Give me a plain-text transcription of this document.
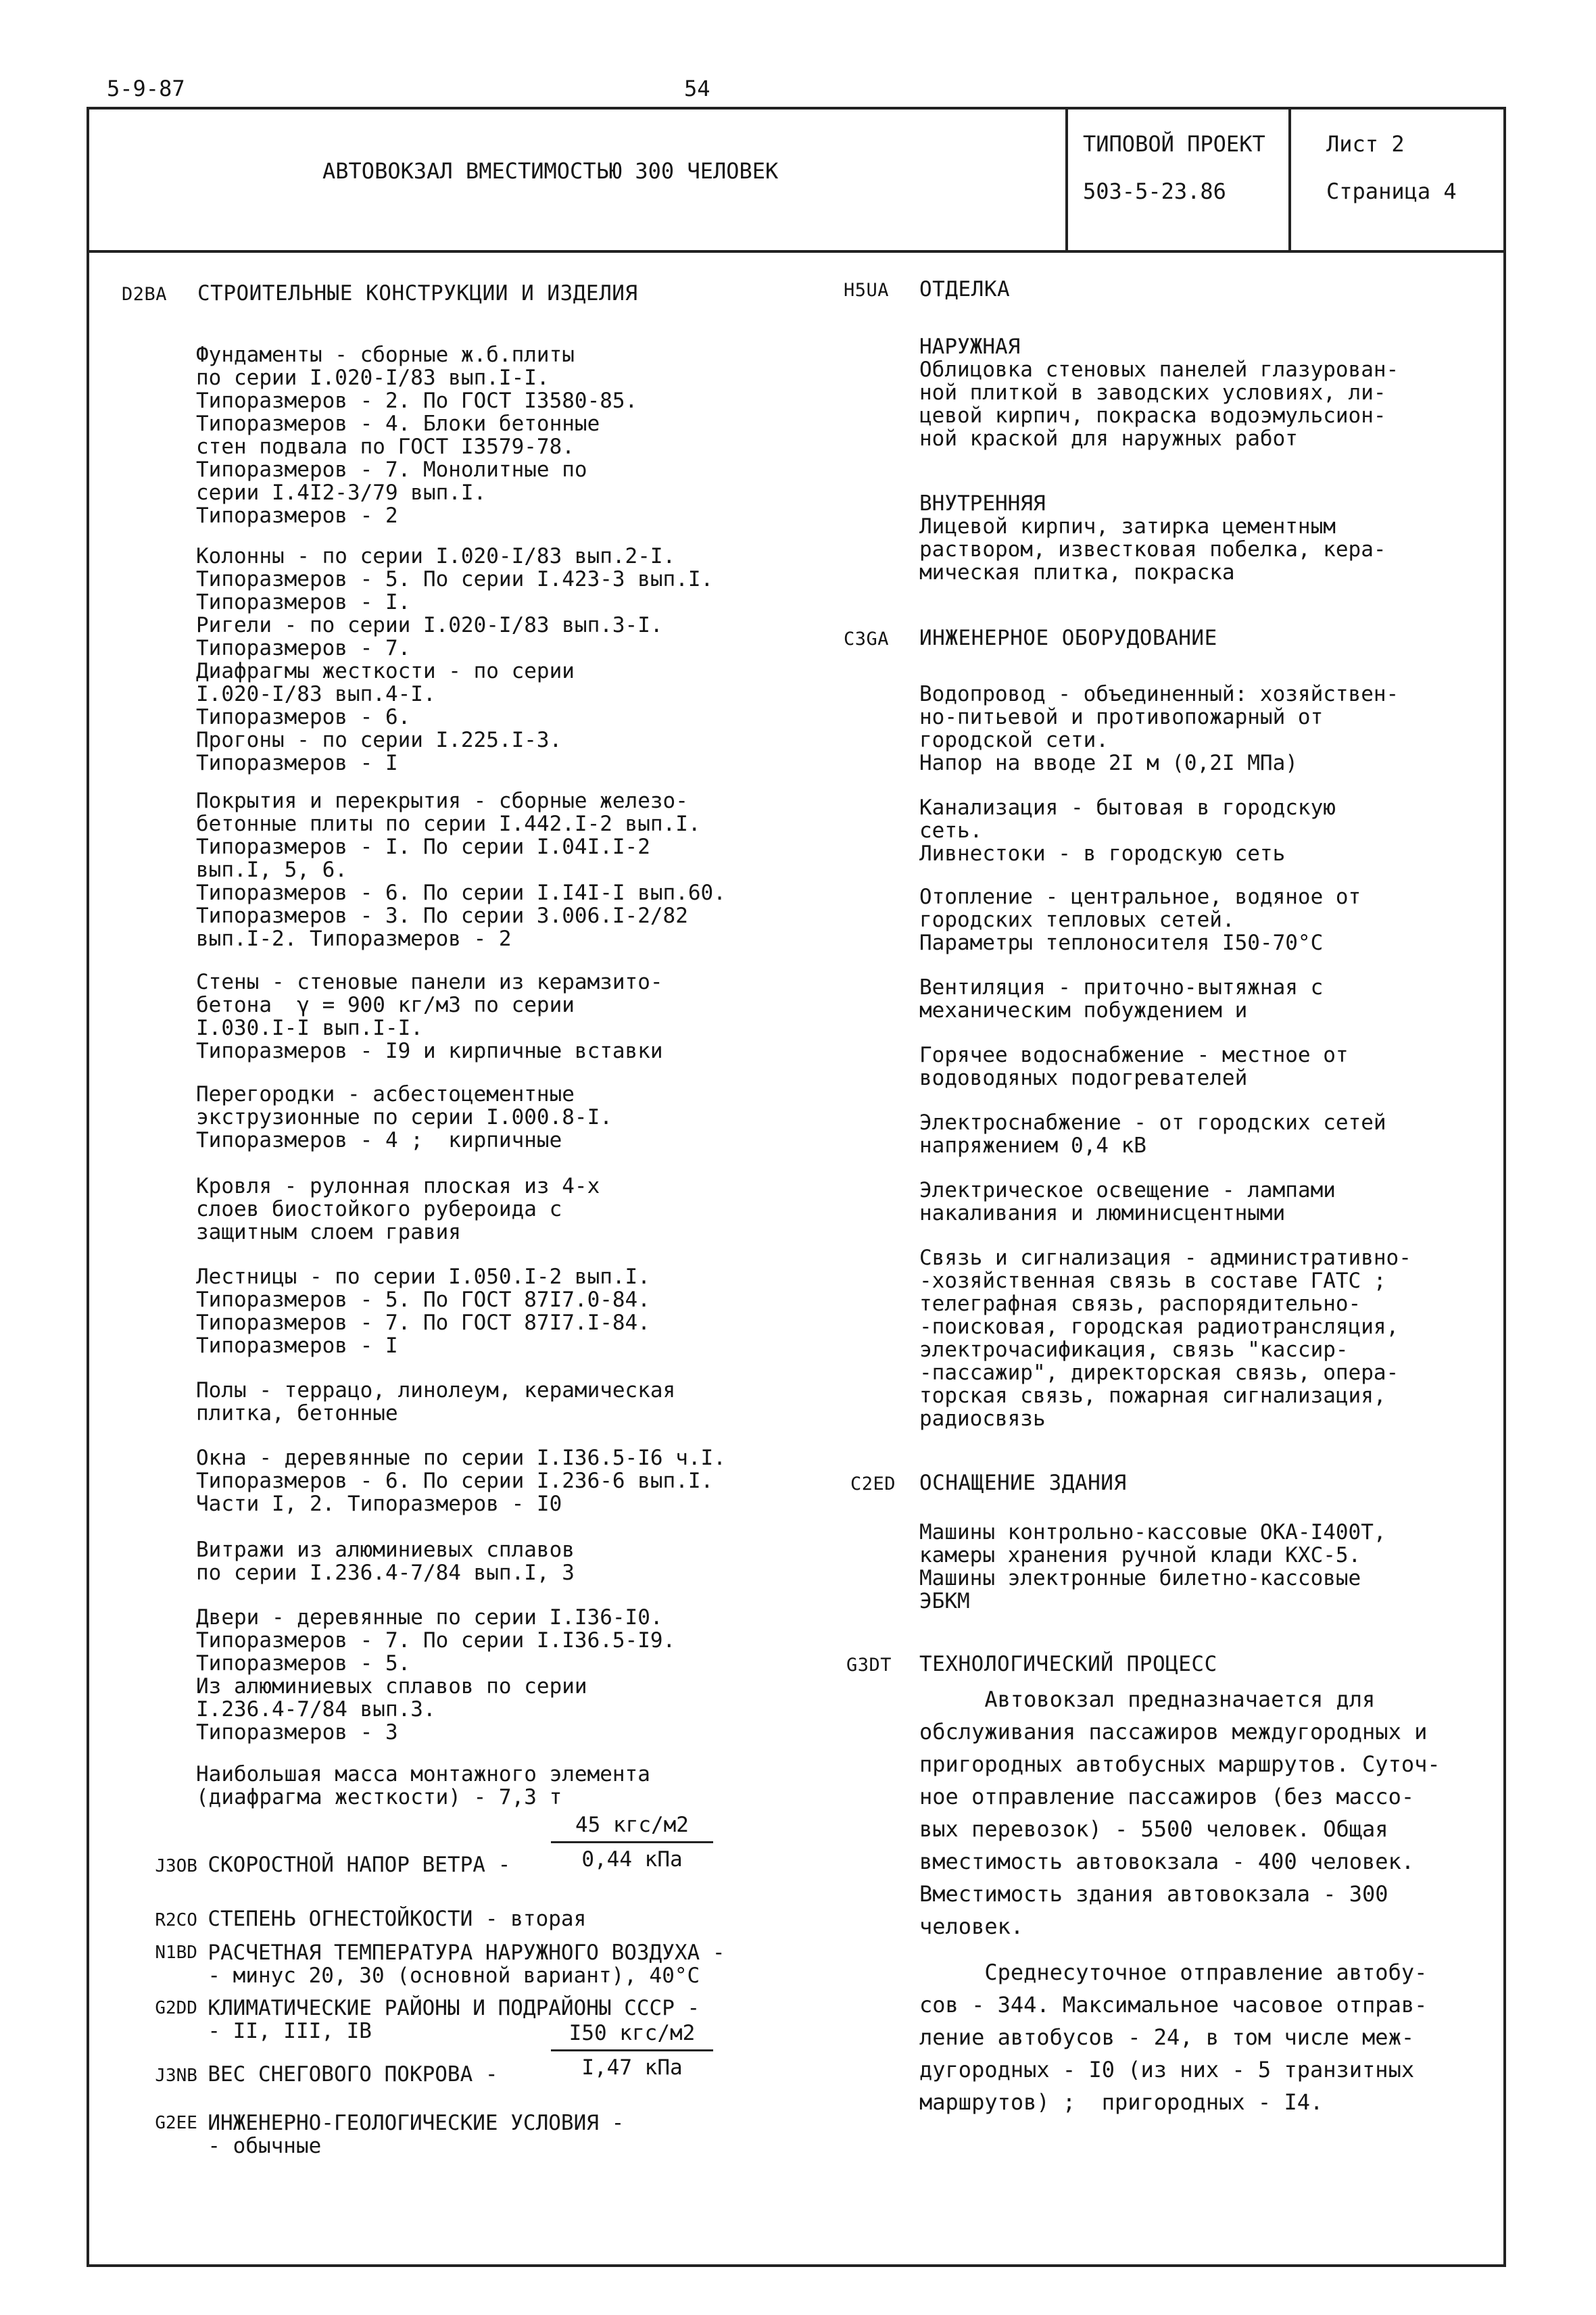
5-9-87	54
АВТОВОКЗАЛ ВМЕСТИМОСТЬЮ 300 ЧЕЛОВЕК
ТИПОВОЙ ПРОЕКТ
503-5-23.86
Лист 2
Страница 4
D2BA СТРОИТЕЛЬНЫЕ КОНСТРУКЦИИ И ИЗДЕЛИЯ
Фундаменты - сборные ж.б.плиты
по серии I.020-I/83 вып.I-I.
Типоразмеров - 2. По ГОСТ I3580-85.
Типоразмеров - 4. Блоки бетонные
стен подвала по ГОСТ I3579-78.
Типоразмеров - 7. Монолитные по
серии I.4I2-3/79 вып.I.
Типоразмеров - 2
Колонны - по серии I.020-I/83 вып.2-I.
Типоразмеров - 5. По серии I.423-3 вып.I.
Типоразмеров - I.
Ригели - по серии I.020-I/83 вып.3-I.
Типоразмеров - 7.
Диафрагмы жесткости - по серии
I.020-I/83 вып.4-I.
Типоразмеров - 6.
Прогоны - по серии I.225.I-3.
Типоразмеров - I
Покрытия и перекрытия - сборные железо-
бетонные плиты по серии I.442.I-2 вып.I.
Типоразмеров - I. По серии I.04I.I-2
вып.I, 5, 6.
Типоразмеров - 6. По серии I.I4I-I вып.60.
Типоразмеров - 3. По серии 3.006.I-2/82
вып.I-2. Типоразмеров - 2
Стены - стеновые панели из керамзито-
бетона  γ = 900 кг/м3 по серии
I.030.I-I вып.I-I.
Типоразмеров - I9 и кирпичные вставки
Перегородки - асбестоцементные
экструзионные по серии I.000.8-I.
Типоразмеров - 4 ;  кирпичные
Кровля - рулонная плоская из 4-х
слоев биостойкого рубероида с
защитным слоем гравия
Лестницы - по серии I.050.I-2 вып.I.
Типоразмеров - 5. По ГОСТ 87I7.0-84.
Типоразмеров - 7. По ГОСТ 87I7.I-84.
Типоразмеров - I
Полы - террацо, линолеум, керамическая
плитка, бетонные
Окна - деревянные по серии I.I36.5-I6 ч.I.
Типоразмеров - 6. По серии I.236-6 вып.I.
Части I, 2. Типоразмеров - I0
Витражи из алюминиевых сплавов
по серии I.236.4-7/84 вып.I, 3
Двери - деревянные по серии I.I36-I0.
Типоразмеров - 7. По серии I.I36.5-I9.
Типоразмеров - 5.
Из алюминиевых сплавов по серии
I.236.4-7/84 вып.3.
Типоразмеров - 3
Наибольшая масса монтажного элемента
(диафрагма жесткости) - 7,3 т

J3OB СКОРОСТНОЙ НАПОР ВЕТРА -

45 кгс/м2
0,44 кПа

R2CO СТЕПЕНЬ ОГНЕСТОЙКОСТИ - вторая

N1BD РАСЧЕТНАЯ ТЕМПЕРАТУРА НАРУЖНОГО ВОЗДУХА -
- минус 20, 30 (основной вариант), 40°C

G2DD КЛИМАТИЧЕСКИЕ РАЙОНЫ И ПОДРАЙОНЫ СССР -
- II, III, IB

J3NB ВЕС СНЕГОВОГО ПОКРОВА -

I50 кгс/м2
I,47 кПа

G2EE ИНЖЕНЕРНО-ГЕОЛОГИЧЕСКИЕ УСЛОВИЯ -
- обычные

H5UA ОТДЕЛКА
НАРУЖНАЯ
Облицовка стеновых панелей глазурован-
ной плиткой в заводских условиях, ли-
цевой кирпич, покраска водоэмульсион-
ной краской для наружных работ
ВНУТРЕННЯЯ
Лицевой кирпич, затирка цементным
раствором, известковая побелка, кера-
мическая плитка, покраска
C3GA ИНЖЕНЕРНОЕ ОБОРУДОВАНИЕ
Водопровод - объединенный: хозяйствен-
но-питьевой и противопожарный от
городской сети.
Напор на вводе 2I м (0,2I МПа)
Канализация - бытовая в городскую
сеть.
Ливнестоки - в городскую сеть
Отопление - центральное, водяное от
городских тепловых сетей.
Параметры теплоносителя I50-70°C
Вентиляция - приточно-вытяжная с
механическим побуждением и
Горячее водоснабжение - местное от
водоводяных подогревателей
Электроснабжение - от городских сетей
напряжением 0,4 кВ
Электрическое освещение - лампами
накаливания и люминисцентными
Связь и сигнализация - административно-
-хозяйственная связь в составе ГАТС ;
телеграфная связь, распорядительно-
-поисковая, городская радиотрансляция,
электрочасификация, связь "кассир-
-пассажир", директорская связь, опера-
торская связь, пожарная сигнализация,
радиосвязь
C2ED ОСНАЩЕНИЕ ЗДАНИЯ
Машины контрольно-кассовые ОКА-I400Т,
камеры хранения ручной клади КХС-5.
Машины электронные билетно-кассовые
ЭБКМ
G3DT ТЕХНОЛОГИЧЕСКИЙ ПРОЦЕСС
Автовокзал предназначается для
обслуживания пассажиров междугородных и
пригородных автобусных маршрутов. Суточ-
ное отправление пассажиров (без массо-
вых перевозок) - 5500 человек. Общая
вместимость автовокзала - 400 человек.
Вместимость здания автовокзала - 300
человек.
Среднесуточное отправление автобу-
сов - 344. Максимальное часовое отправ-
ление автобусов - 24, в том числе меж-
дугородных - I0 (из них - 5 транзитных
маршрутов) ;  пригородных - I4.
